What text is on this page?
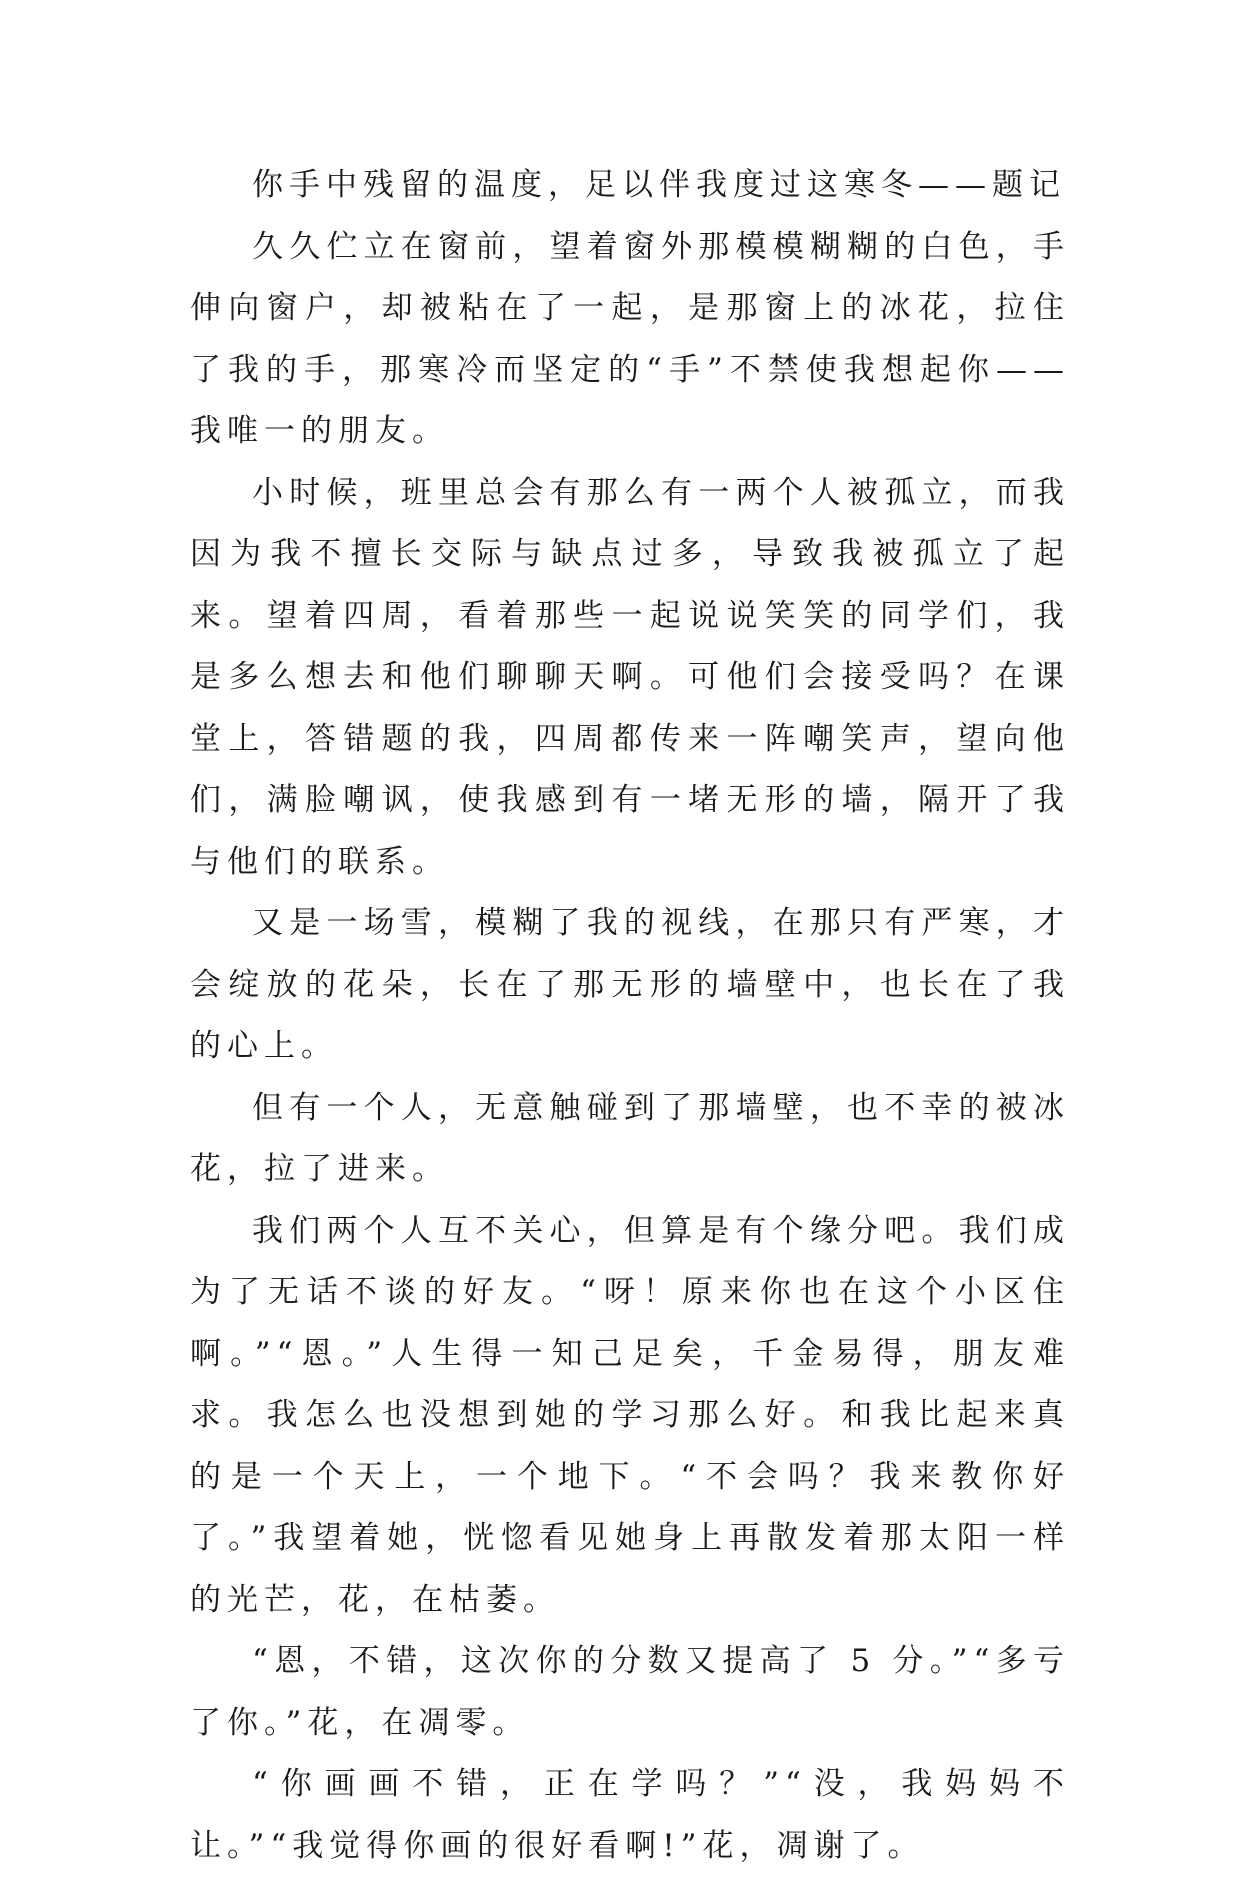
你手中残留的温度，足以伴我度过这寒冬——题记

久久伫立在窗前，望着窗外那模模糊糊的白色，手伸向窗户，却被粘在了一起，是那窗上的冰花，拉住了我的手，那寒冷而坚定的“手”不禁使我想起你——我唯一的朋友。

小时候，班里总会有那么有一两个人被孤立，而我因为我不擅长交际与缺点过多，导致我被孤立了起来。望着四周，看着那些一起说说笑笑的同学们，我是多么想去和他们聊聊天啊。可他们会接受吗？在课堂上，答错题的我，四周都传来一阵嘲笑声，望向他们，满脸嘲讽，使我感到有一堵无形的墙，隔开了我与他们的联系。

又是一场雪，模糊了我的视线，在那只有严寒，才会绽放的花朵，长在了那无形的墙壁中，也长在了我的心上。

但有一个人，无意触碰到了那墙壁，也不幸的被冰花，拉了进来。

我们两个人互不关心，但算是有个缘分吧。我们成为了无话不谈的好友。“呀！原来你也在这个小区住啊。”“恩。”人生得一知己足矣，千金易得，朋友难求。我怎么也没想到她的学习那么好。和我比起来真的是一个天上，一个地下。“不会吗？我来教你好了。”我望着她，恍惚看见她身上再散发着那太阳一样的光芒，花，在枯萎。

“恩，不错，这次你的分数又提高了 5 分。”“多亏了你。”花，在凋零。

“你画画不错，正在学吗？”“没，我妈妈不让。”“我觉得你画的很好看啊!”花，凋谢了。
